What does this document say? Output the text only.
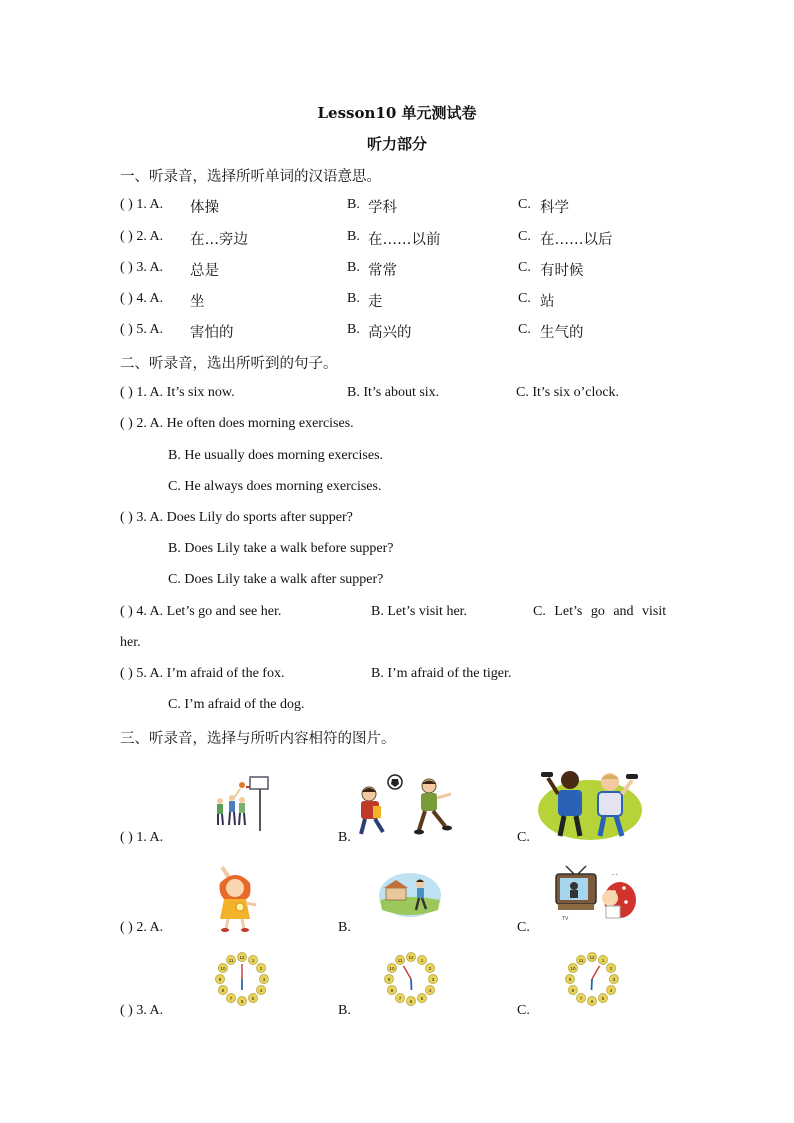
Lesson10 单元测试卷
听力部分
一、听录音，选择所听单词的汉语意思。
( ) 1. A. 体操	B. 学科	C. 科学
( ) 2. A. 在…旁边	B. 在……以前	C. 在……以后
( ) 3. A. 总是	B. 常常	C. 有时候
( ) 4. A. 坐	B. 走	C. 站
( ) 5. A. 害怕的	B. 高兴的	C. 生气的
二、听录音，选出所听到的句子。
( ) 1. A. It’s six now.	B. It’s about six.	C. It’s six o’clock.
( ) 2. A. He often does morning exercises.
B. He usually does morning exercises.
C. He always does morning exercises.
( ) 3. A. Does Lily do sports after supper?
B. Does Lily take a walk before supper?
C. Does Lily take a walk after supper?
( ) 4. A. Let’s go and see her.	B. Let’s visit her.	C. Let’s go and visit
her.
( ) 5. A. I’m afraid of the fox.	B. I’m afraid of the tiger.
C. I’m afraid of the dog.
三、听录音，选择与所听内容相符的图片。
( ) 1. A.	B.	C.
( ) 2. A.	B.	C.
TV
- -
( ) 3. A.	B.	C.
12
1
2
3
4
5
6
7
8
9
10
11
12
1
2
3
4
5
6
7
8
9
10
11
12
1
2
3
4
5
6
7
8
9
10
11
